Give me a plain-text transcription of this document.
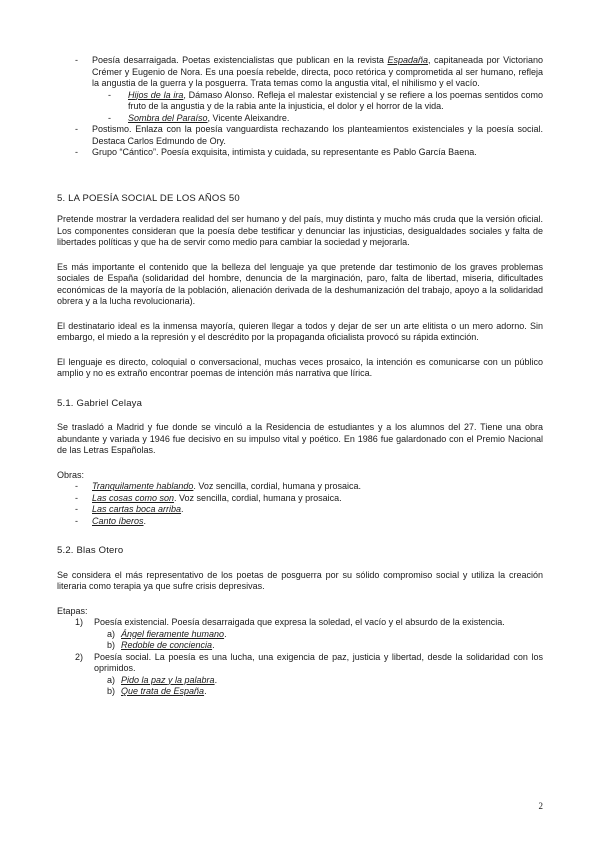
- Poesía desarraigada. Poetas existencialistas que publican en la revista Espadaña, capitaneada por Victoriano Crémer y Eugenio de Nora. Es una poesía rebelde, directa, poco retórica y comprometida al ser humano, refleja la angustia de la guerra y la posguerra. Trata temas como la angustia vital, el nihilismo y el vacío.
- Hijos de la ira, Dámaso Alonso. Refleja el malestar existencial y se refiere a los poemas sentidos como fruto de la angustia y de la rabia ante la injusticia, el dolor y el horror de la vida.
- Sombra del Paraíso, Vicente Aleixandre.
- Postismo. Enlaza con la poesía vanguardista rechazando los planteamientos existenciales y la poesía social. Destaca Carlos Edmundo de Ory.
- Grupo “Cántico”. Poesía exquisita, intimista y cuidada, su representante es Pablo García Baena.
5. LA POESÍA SOCIAL DE LOS AÑOS 50

Pretende mostrar la verdadera realidad del ser humano y del país, muy distinta y mucho más cruda que la versión oficial. Los componentes consideran que la poesía debe testificar y denunciar las injusticias, desigualdades sociales y falta de libertades políticas y que ha de servir como medio para cambiar la sociedad y mejorarla.

Es más importante el contenido que la belleza del lenguaje ya que pretende dar testimonio de los graves problemas sociales de España (solidaridad del hombre, denuncia de la marginación, paro, falta de libertad, miseria, dificultades económicas de la mayoría de la población, alienación derivada de la deshumanización del trabajo, apoyo a la solidaridad obrera y a la lucha revolucionaria).

El destinatario ideal es la inmensa mayoría, quieren llegar a todos y dejar de ser un arte elitista o un mero adorno. Sin embargo, el miedo a la represión y el descrédito por la propaganda oficialista provocó su rápida extinción.

El lenguaje es directo, coloquial o conversacional, muchas veces prosaico, la intención es comunicarse con un público amplio y no es extraño encontrar poemas de intención más narrativa que lírica.

5.1. Gabriel Celaya

Se trasladó a Madrid y fue donde se vinculó a la Residencia de estudiantes y a los alumnos del 27. Tiene una obra abundante y variada y 1946 fue decisivo en su impulso vital y poético. En 1986 fue galardonado con el Premio Nacional de las Letras Españolas.

Obras:

- Tranquilamente hablando. Voz sencilla, cordial, humana y prosaica.
- Las cosas como son. Voz sencilla, cordial, humana y prosaica.
- Las cartas boca arriba.
- Canto íberos.
5.2. Blas Otero

Se considera el más representativo de los poetas de posguerra por su sólido compromiso social y utiliza la creación literaria como terapia ya que sufre crisis depresivas.

Etapas:

1) Poesía existencial. Poesía desarraigada que expresa la soledad, el vacío y el absurdo de la existencia.
a) Ángel fieramente humano.
b) Redoble de conciencia.
2) Poesía social. La poesía es una lucha, una exigencia de paz, justicia y libertad, desde la solidaridad con los oprimidos.
a) Pido la paz y la palabra.
b) Que trata de España.
2
